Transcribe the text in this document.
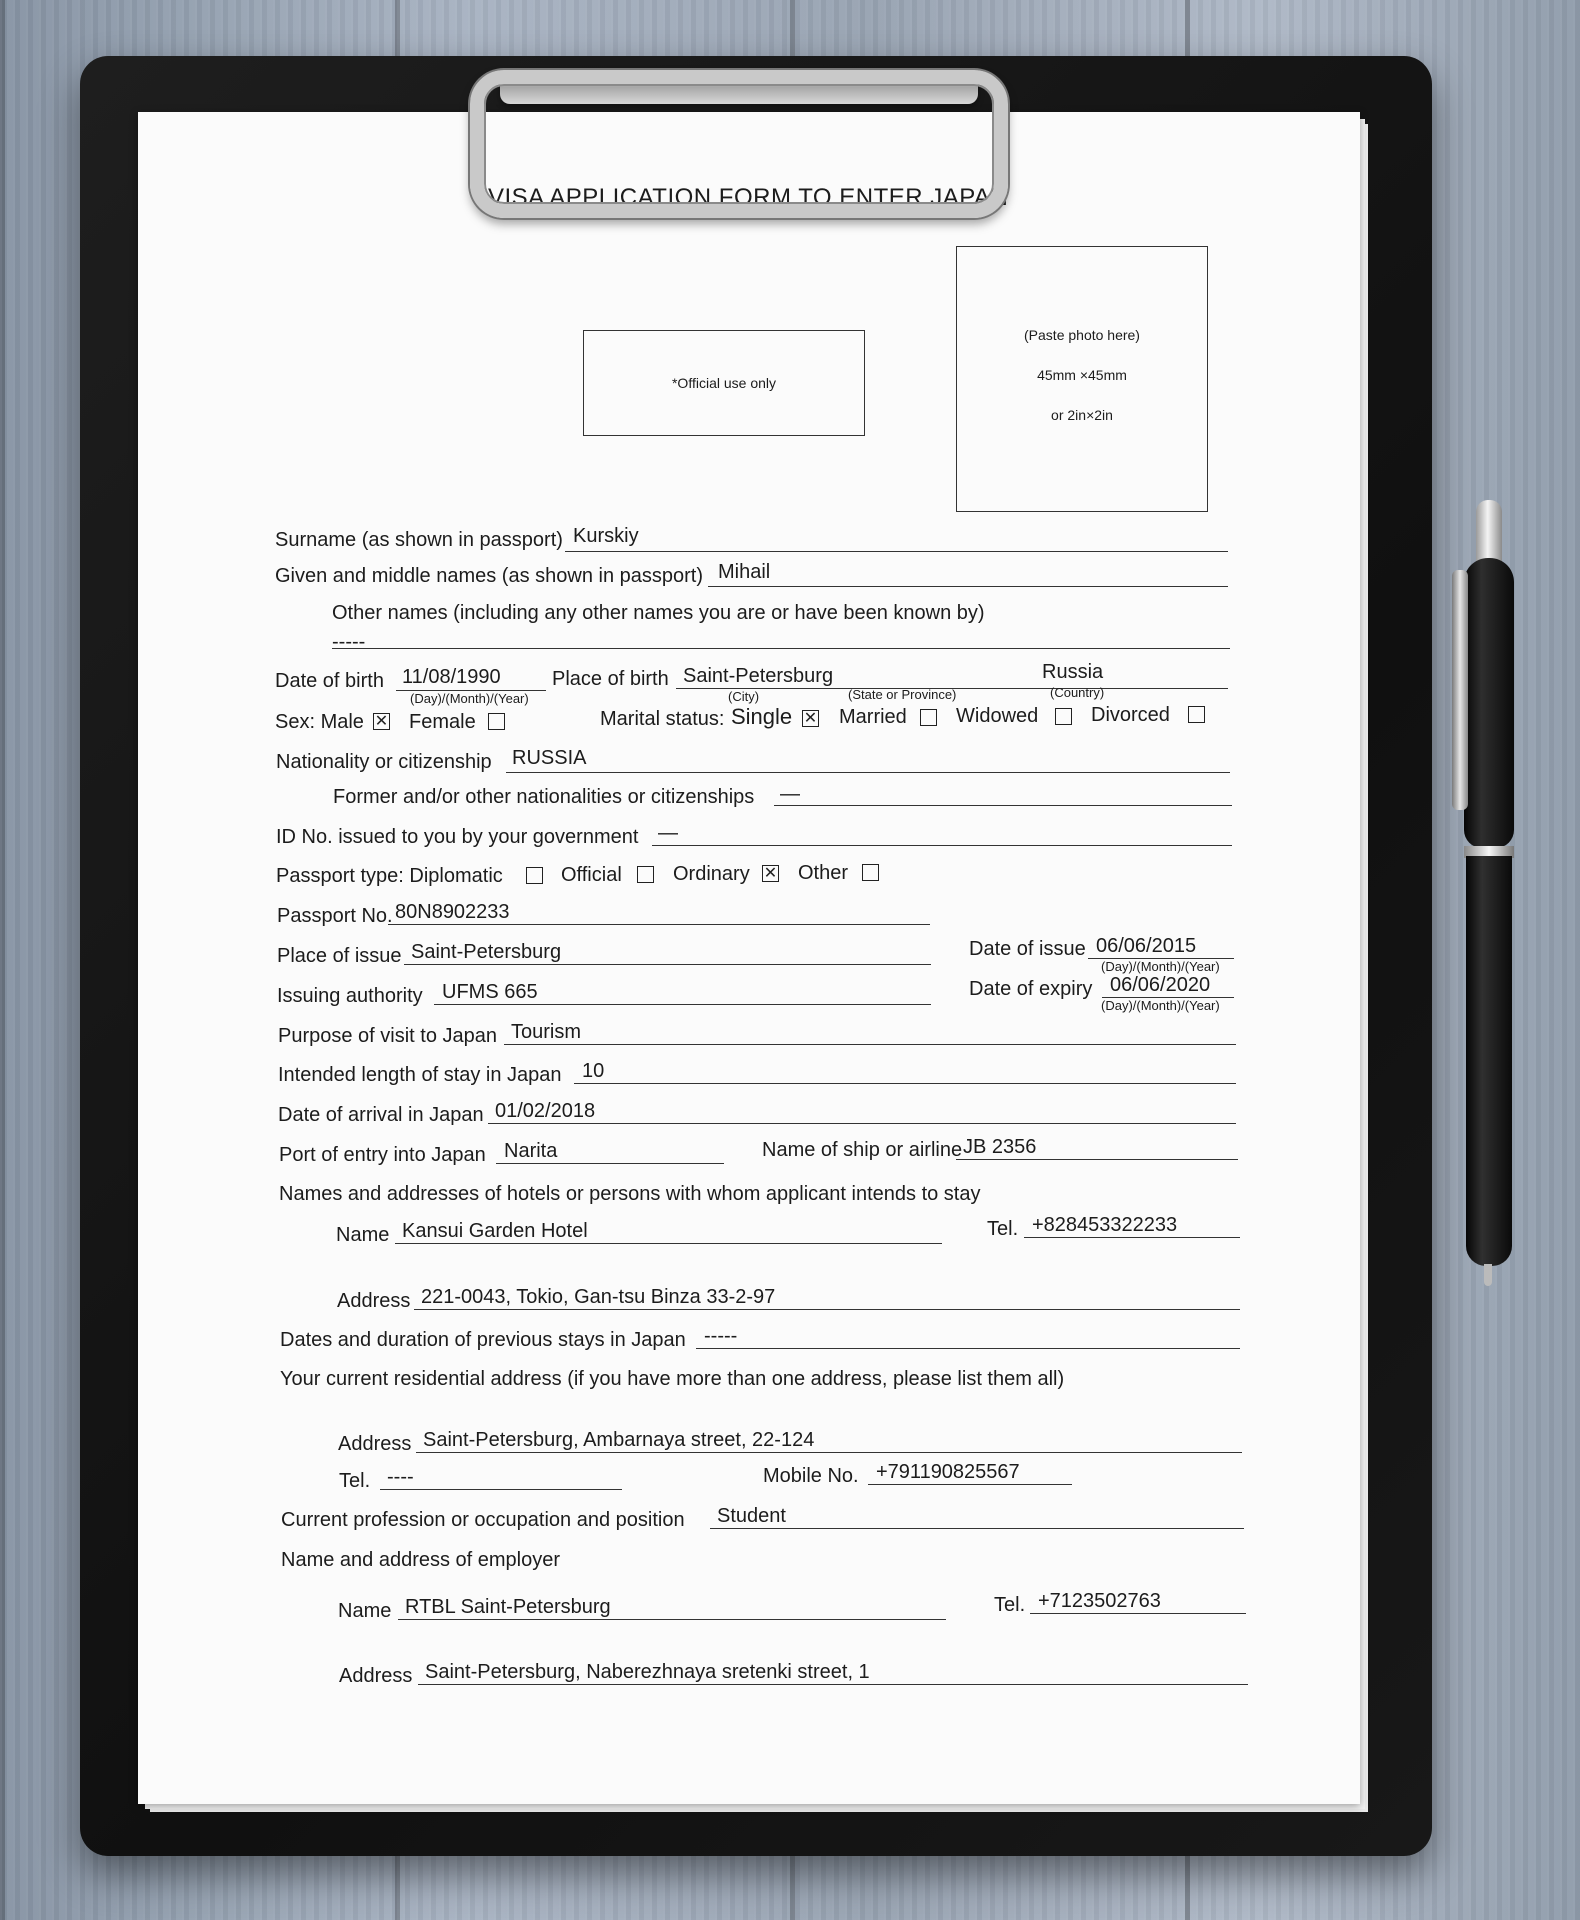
VISA APPLICATION FORM TO ENTER JAPAN
*Official use only
(Paste photo here)
45mm ×45mm
or 2in×2in
Surname (as shown in passport) Kurskiy
Given and middle names (as shown in passport) Mihail
Other names (including any other names you are or have been known by)
-----
Date of birth 11/08/1990
(Day)/(Month)/(Year)
Place of birth Saint-Petersburg
(City)	(State or Province)
Russia
(Country)
Sex: Male ✕ Female	Marital status: Single ✕ Married Widowed	Divorced
Nationality or citizenship RUSSIA
Former and/or other nationalities or citizenships —
ID No. issued to you by your government —
Passport type: Diplomatic	Official	Ordinary ✕ Other
Passport No. 80N8902233
Place of issue Saint-Petersburg	Date of issue 06/06/2015
(Day)/(Month)/(Year)
Issuing authority UFMS 665	Date of expiry 06/06/2020
(Day)/(Month)/(Year)
Purpose of visit to Japan Tourism
Intended length of stay in Japan 10
Date of arrival in Japan 01/02/2018
Port of entry into Japan Narita	Name of ship or airline JB 2356
Names and addresses of hotels or persons with whom applicant intends to stay
Name Kansui Garden Hotel	Tel. +828453322233
Address 221-0043, Tokio, Gan-tsu Binza 33-2-97
Dates and duration of previous stays in Japan -----
Your current residential address (if you have more than one address, please list them all)
Address Saint-Petersburg, Ambarnaya street, 22-124
Tel. ----	Mobile No. +791190825567
Current profession or occupation and position Student
Name and address of employer
Name RTBL Saint-Petersburg	Tel. +7123502763
Address Saint-Petersburg, Naberezhnaya sretenki street, 1
